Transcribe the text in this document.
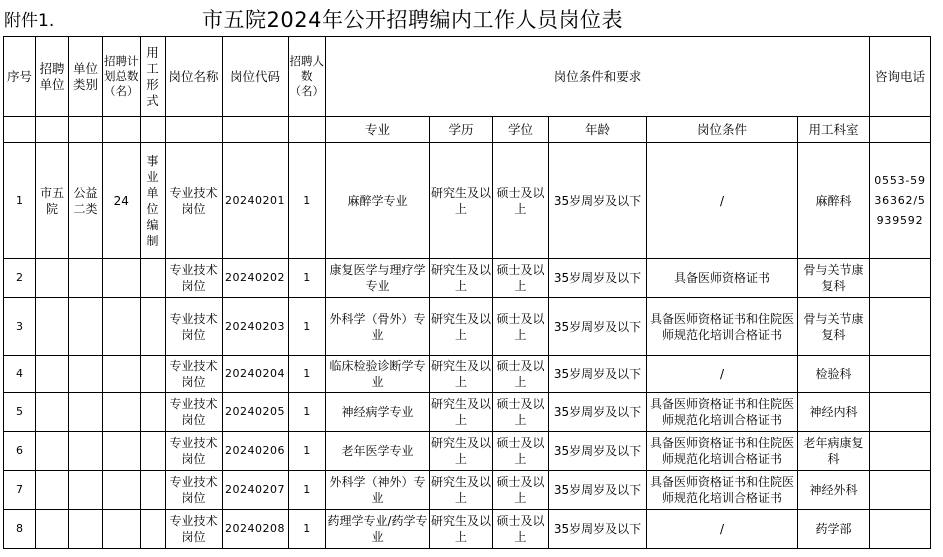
附件1.	市五院2024年公开招聘编内工作人员岗位表
序号	招聘单位	单位类别	招聘计划总数（名）	用工形式	岗位名称	岗位代码	招聘人数（名）	岗位条件和要求						咨询电话
								专业	学历	学位	年龄	岗位条件	用工科室	
1	市五院	公益二类	24	事业单位编制	专业技术岗位	20240201	1	麻醉学专业	研究生及以上	硕士及以上	35岁周岁及以下	/	麻醉科	0553-5936362/5939592
2					专业技术岗位	20240202	1	康复医学与理疗学专业	研究生及以上	硕士及以上	35岁周岁及以下	具备医师资格证书	骨与关节康复科	
3					专业技术岗位	20240203	1	外科学（骨外）专业	研究生及以上	硕士及以上	35岁周岁及以下	具备医师资格证书和住院医师规范化培训合格证书	骨与关节康复科	
4					专业技术岗位	20240204	1	临床检验诊断学专业	研究生及以上	硕士及以上	35岁周岁及以下	/	检验科	
5					专业技术岗位	20240205	1	神经病学专业	研究生及以上	硕士及以上	35岁周岁及以下	具备医师资格证书和住院医师规范化培训合格证书	神经内科	
6					专业技术岗位	20240206	1	老年医学专业	研究生及以上	硕士及以上	35岁周岁及以下	具备医师资格证书和住院医师规范化培训合格证书	老年病康复科	
7					专业技术岗位	20240207	1	外科学（神外）专业	研究生及以上	硕士及以上	35岁周岁及以下	具备医师资格证书和住院医师规范化培训合格证书	神经外科	
8					专业技术岗位	20240208	1	药理学专业/药学专业	研究生及以上	硕士及以上	35岁周岁及以下	/	药学部	
